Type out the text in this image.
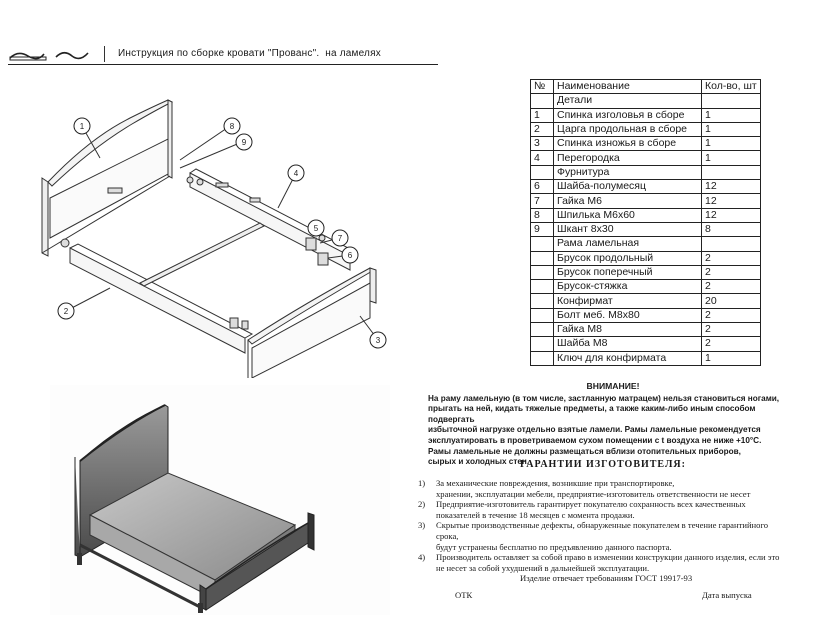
Инструкция по сборке кровати "Прованс". на ламелях
1
2
3
4
5
6
7
8
9
№	Наименование	Кол-во, шт
	Детали	
1	Спинка изголовья в сборе	1
2	Царга продольная в сборе	1
3	Спинка изножья в сборе	1
4	Перегородка	1
	Фурнитура	
6	Шайба-полумесяц	12
7	Гайка М6	12
8	Шпилька М6х60	12
9	Шкант 8х30	8
	Рама ламельная	
	Брусок продольный	2
	Брусок поперечный	2
	Брусок-стяжка	2
	Конфирмат	20
	Болт меб. М8х80	2
	Гайка М8	2
	Шайба М8	2
	Ключ для конфирмата	1
ВНИМАНИЕ!

На раму ламельную (в том числе, застланную матрацем) нельзя становиться ногами,

прыгать на ней, кидать тяжелые предметы, а также каким-либо иным способом подвергать

избыточной нагрузке отдельно взятые ламели. Рамы ламельные рекомендуется

эксплуатировать в проветриваемом сухом помещении с t воздуха не ниже +10°С.

Рамы ламельные не должны размещаться вблизи отопительных приборов,

сырых и холодных стен.

ГАРАНТИИ ИЗГОТОВИТЕЛЯ:
1) За механические повреждения, возникшие при транспортировке,
хранении, эксплуатации мебели, предприятие-изготовитель ответственности не несет
2) Предприятие-изготовитель гарантирует покупателю сохранность всех качественных
показателей в течение 18 месяцев с момента продажи.
3) Скрытые производственные дефекты, обнаруженные покупателем в течение гарантийного
срока,
будут устранены бесплатно по предъявлению данного паспорта.
4) Производитель оставляет за собой право в изменении конструкции данного изделия, если это
не несет за собой ухудшений в дальнейшей эксплуатации.
Изделие отвечает требованиям ГОСТ 19917-93
ОТК	Дата выпуска
